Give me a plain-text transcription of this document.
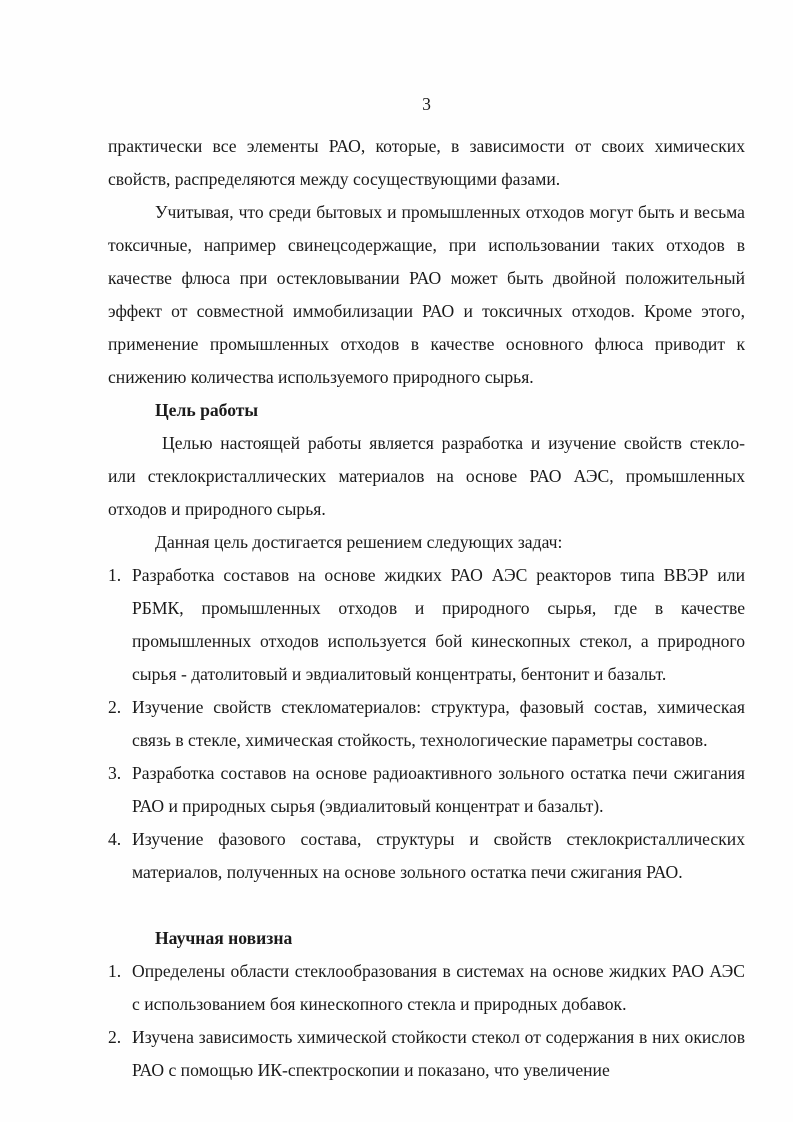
3

практически все элементы РАО, которые, в зависимости от своих химических свойств, распределяются между сосуществующими фазами.

Учитывая, что среди бытовых и промышленных отходов могут быть и весьма токсичные, например свинецсодержащие, при использовании таких отходов в качестве флюса при остекловывании РАО может быть двойной положительный эффект от совместной иммобилизации РАО и токсичных отходов. Кроме этого, применение промышленных отходов в качестве основного флюса приводит к снижению количества используемого природного сырья.

Цель работы

Целью настоящей работы является разработка и изучение свойств стекло- или стеклокристаллических материалов на основе РАО АЭС, промышленных отходов и природного сырья.

Данная цель достигается решением следующих задач:

1. Разработка составов на основе жидких РАО АЭС реакторов типа ВВЭР или РБМК, промышленных отходов и природного сырья, где в качестве промышленных отходов используется бой кинескопных стекол, а природного сырья - датолитовый и эвдиалитовый концентраты, бентонит и базальт.
2. Изучение свойств стекломатериалов: структура, фазовый состав, химическая связь в стекле, химическая стойкость, технологические параметры составов.
3. Разработка составов на основе радиоактивного зольного остатка печи сжигания РАО и природных сырья (эвдиалитовый концентрат и базальт).
4. Изучение фазового состава, структуры и свойств стеклокристаллических материалов, полученных на основе зольного остатка печи сжигания РАО.

Научная новизна

1. Определены области стеклообразования в системах на основе жидких РАО АЭС с использованием боя кинескопного стекла и природных добавок.
2. Изучена зависимость химической стойкости стекол от содержания в них окислов РАО с помощью ИК-спектроскопии и показано, что увеличение
